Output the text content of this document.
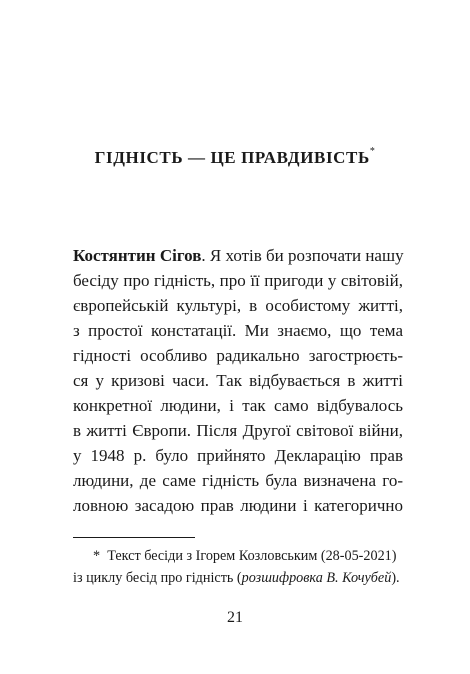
ГІДНІСТЬ — ЦЕ ПРАВДИВІСТЬ*
Костянтин Сігов. Я хотів би розпочати нашу
бесіду про гідність, про її пригоди у світовій,
європейській культурі, в особистому житті,
з простої констатації. Ми знаємо, що тема
гідності особливо радикально загострюєть-
ся у кризові часи. Так відбувається в житті
конкретної людини, і так само відбувалось
в житті Європи. Після Другої світової війни,
у 1948 р. було прийнято Декларацію прав
людини, де саме гідність була визначена го-
ловною засадою прав людини і категорично
* Текст бесіди з Ігорем Козловським (28-05-2021)
із циклу бесід про гідність (розшифровка В. Кочубей).
21
